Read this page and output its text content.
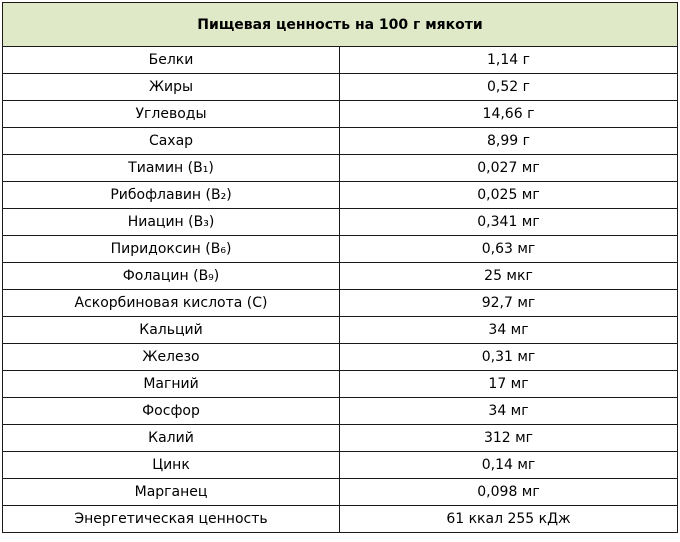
Пищевая ценность на 100 г мякоти	
Белки	1,14 г
Жиры	0,52 г
Углеводы	14,66 г
Сахар	8,99 г
Тиамин (B₁)	0,027 мг
Рибофлавин (B₂)	0,025 мг
Ниацин (B₃)	0,341 мг
Пиридоксин (B₆)	0,63 мг
Фолацин (B₉)	25 мкг
Аскорбиновая кислота (C)	92,7 мг
Кальций	34 мг
Железо	0,31 мг
Магний	17 мг
Фосфор	34 мг
Калий	312 мг
Цинк	0,14 мг
Марганец	0,098 мг
Энергетическая ценность	61 ккал 255 кДж
